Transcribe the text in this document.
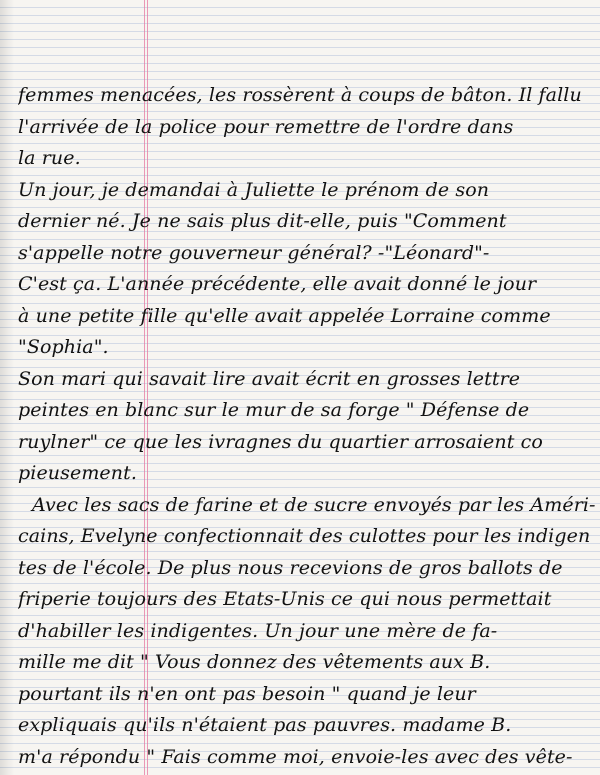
femmes menacées, les rossèrent à coups de bâton. Il fallu
l'arrivée de la police pour remettre de l'ordre dans
la rue.
Un jour, je demandai à Juliette le prénom de son
dernier né. Je ne sais plus dit-elle, puis "Comment
s'appelle notre gouverneur général? -"Léonard"-
C'est ça. L'année précédente, elle avait donné le jour
à une petite fille qu'elle avait appelée Lorraine comme
"Sophia".
Son mari qui savait lire avait écrit en grosses lettre
peintes en blanc sur le mur de sa forge " Défense de
ruylner" ce que les ivragnes du quartier arrosaient co
pieusement.
Avec les sacs de farine et de sucre envoyés par les Améri-
cains, Evelyne confectionnait des culottes pour les indigen
tes de l'école. De plus nous recevions de gros ballots de
friperie toujours des Etats-Unis ce qui nous permettait
d'habiller les indigentes. Un jour une mère de fa-
mille me dit " Vous donnez des vêtements aux B.
pourtant ils n'en ont pas besoin " quand je leur
expliquais qu'ils n'étaient pas pauvres. madame B.
m'a répondu " Fais comme moi, envoie-les avec des vête-
